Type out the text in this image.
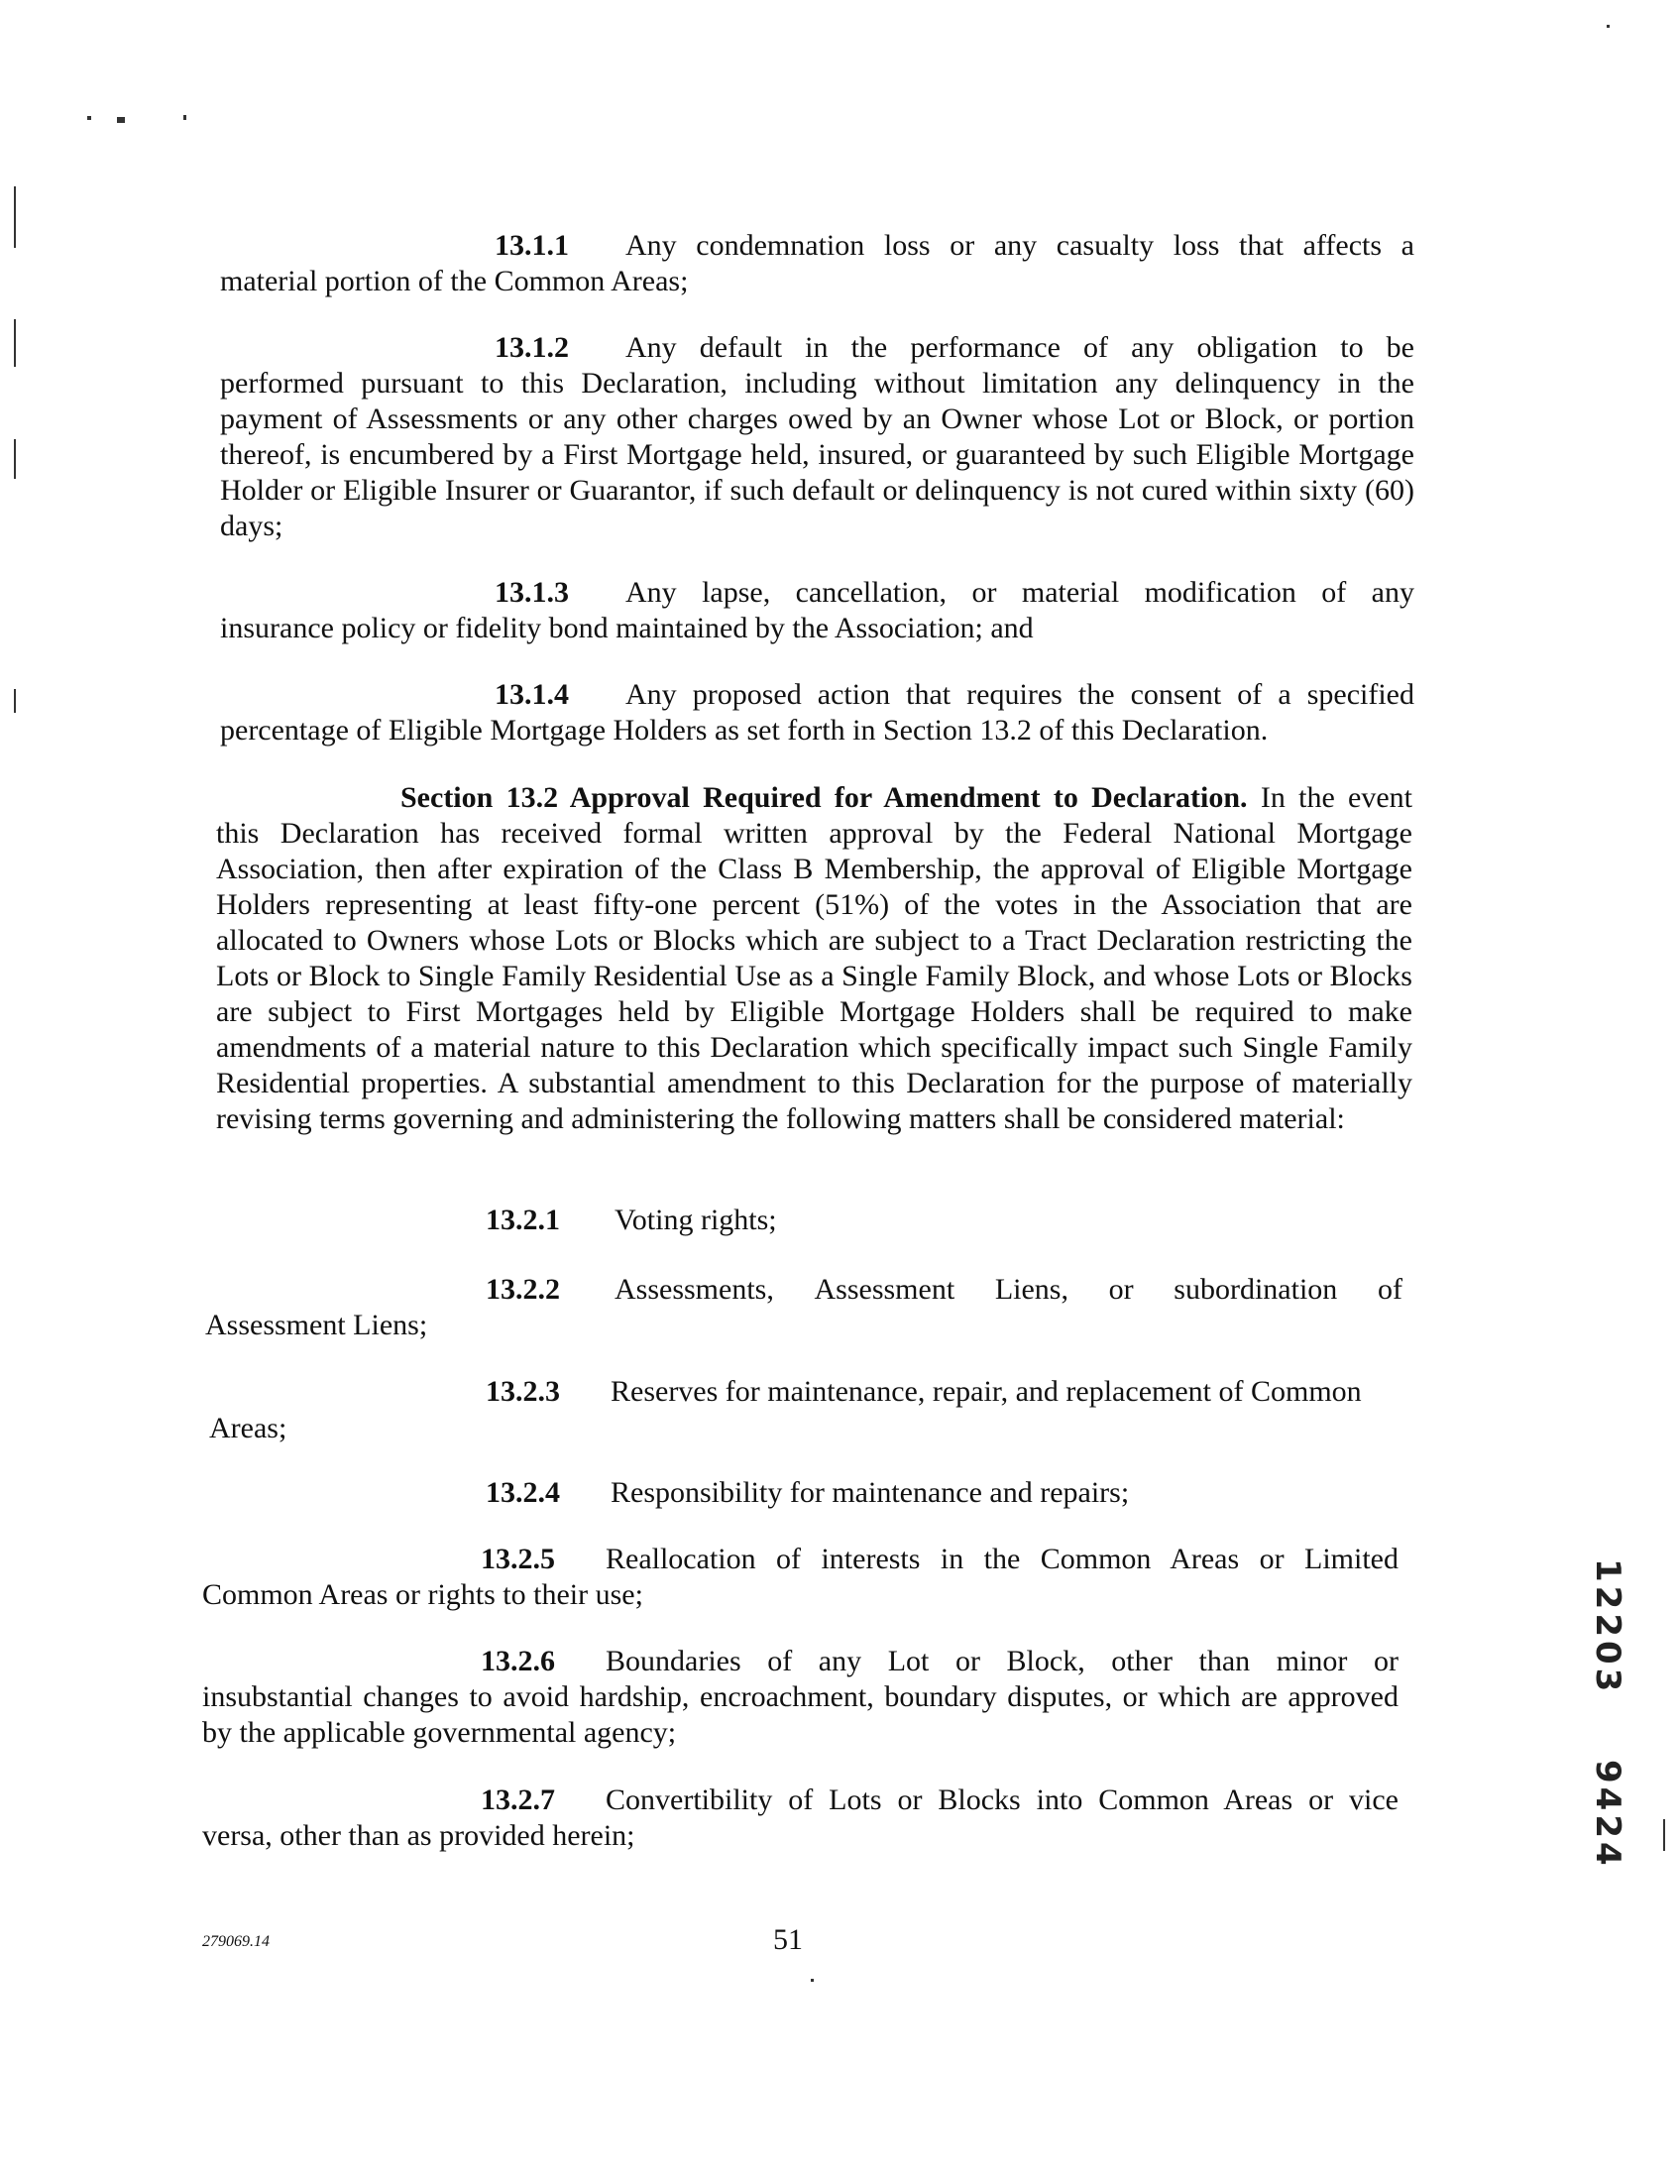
13.1.1 Any condemnation loss or any casualty loss that affects a
material portion of the Common Areas;
13.1.2 Any default in the performance of any obligation to be
performed pursuant to this Declaration, including without limitation any delinquency in the payment of Assessments or any other charges owed by an Owner whose Lot or Block, or portion thereof, is encumbered by a First Mortgage held, insured, or guaranteed by such Eligible Mortgage Holder or Eligible Insurer or Guarantor, if such default or delinquency is not cured within sixty (60) days;
13.1.3 Any lapse, cancellation, or material modification of any
insurance policy or fidelity bond maintained by the Association; and
13.1.4 Any proposed action that requires the consent of a specified
percentage of Eligible Mortgage Holders as set forth in Section 13.2 of this Declaration.
Section 13.2 Approval Required for Amendment to Declaration. In the event
this Declaration has received formal written approval by the Federal National Mortgage Association, then after expiration of the Class B Membership, the approval of Eligible Mortgage Holders representing at least fifty-one percent (51%) of the votes in the Association that are allocated to Owners whose Lots or Blocks which are subject to a Tract Declaration restricting the Lots or Block to Single Family Residential Use as a Single Family Block, and whose Lots or Blocks are subject to First Mortgages held by Eligible Mortgage Holders shall be required to make amendments of a material nature to this Declaration which specifically impact such Single Family Residential properties. A substantial amendment to this Declaration for the purpose of materially revising terms governing and administering the following matters shall be considered material:
13.2.1 Voting rights;
13.2.2 Assessments, Assessment Liens, or subordination of
Assessment Liens;
13.2.3 Reserves for maintenance, repair, and replacement of Common
Areas;
13.2.4 Responsibility for maintenance and repairs;
13.2.5 Reallocation of interests in the Common Areas or Limited
Common Areas or rights to their use;
13.2.6 Boundaries of any Lot or Block, other than minor or
insubstantial changes to avoid hardship, encroachment, boundary disputes, or which are approved by the applicable governmental agency;
13.2.7 Convertibility of Lots or Blocks into Common Areas or vice
versa, other than as provided herein;
279069.14	51
12203
9424
